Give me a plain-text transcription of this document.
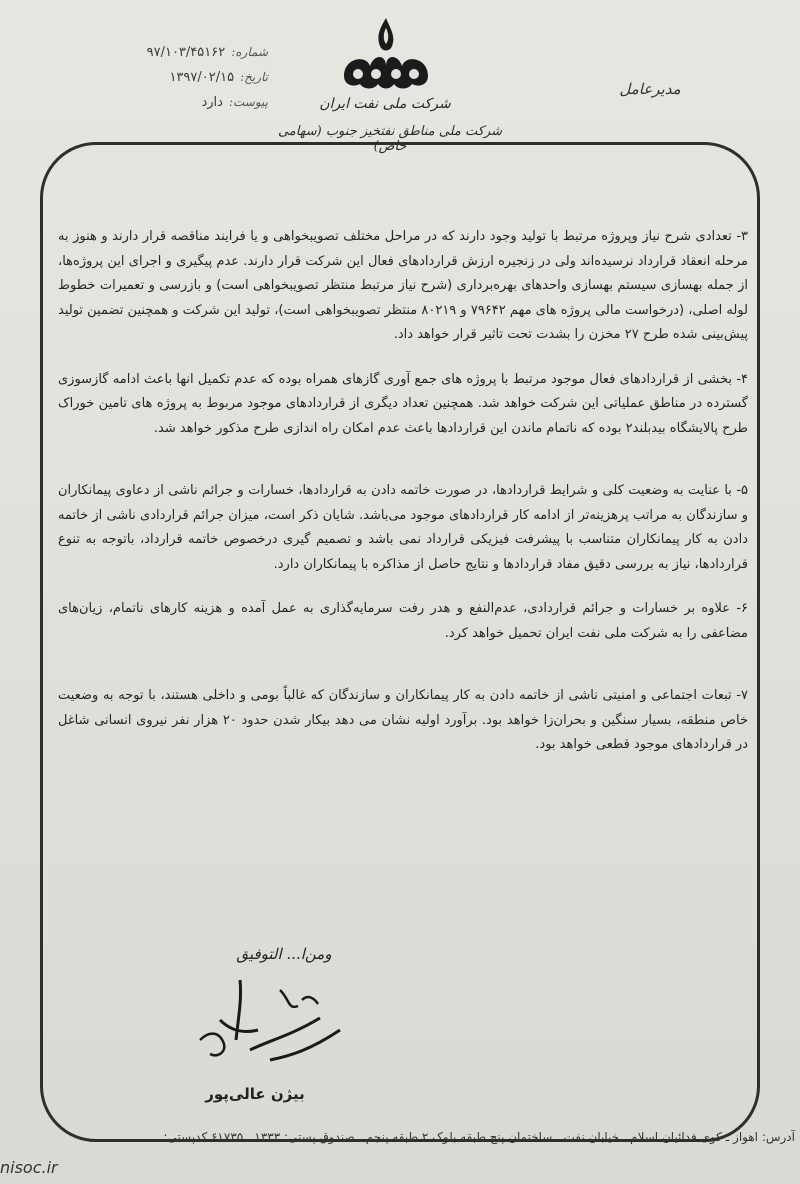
شماره:
۹۷/۱۰۳/۴۵۱۶۲
تاریخ:
۱۳۹۷/۰۲/۱۵
پیوست:
دارد	شرکت ملی نفت ایران
شرکت ملی مناطق نفتخیز جنوب (سهامی خاص)
مدیرعامل

۳- تعدادی شرح نیاز وپروژه مرتبط با تولید وجود دارند که در مراحل مختلف تصویبخواهی و یا فرایند مناقصه قرار دارند و هنوز به مرحله انعقاد قرارداد نرسیده‌اند ولی در زنجیره ارزش قراردادهای فعال این شرکت قرار دارند. عدم پیگیری و اجرای این پروژه‌ها، از جمله بهسازی سیستم بهسازی واحدهای بهره‌برداری (شرح نیاز مرتبط منتظر تصویبخواهی است) و بازرسی و تعمیرات خطوط لوله اصلی، (درخواست مالی پروژه های مهم ۷۹۶۴۲ و ۸۰۲۱۹ منتظر تصویبخواهی است)، تولید این شرکت و همچنین تضمین تولید پیش‌بینی شده طرح ۲۷ مخزن را بشدت تحت تاثیر قرار خواهد داد.

۴- بخشی از قراردادهای فعال موجود مرتبط با پروژه های جمع آوری گازهای همراه بوده که عدم تکمیل انها باعث ادامه گازسوزی گسترده در مناطق عملیاتی این شرکت خواهد شد. همچنین تعداد دیگری از قراردادهای موجود مربوط به پروژه های تامین خوراک طرح پالایشگاه بیدبلند۲ بوده که ناتمام ماندن این قراردادها باعث عدم امکان راه اندازی طرح مذکور خواهد شد.

۵- با عنایت به وضعیت کلی و شرایط قراردادها، در صورت خاتمه دادن به قراردادها، خسارات و جرائم ناشی از دعاوی پیمانکاران و سازندگان به مراتب پرهزینه‌تر از ادامه کار قراردادهای موجود می‌باشد. شایان ذکر است، میزان جرائم قراردادی ناشی از خاتمه دادن به کار پیمانکاران متناسب با پیشرفت فیزیکی قرارداد نمی باشد و تصمیم گیری درخصوص خاتمه قرارداد، باتوجه به تنوع قراردادها، نیاز به بررسی دقیق مفاد قراردادها و نتایج حاصل از مذاکره با پیمانکاران دارد.

۶- علاوه بر خسارات و جرائم قراردادی، عدم‌النفع و هدر رفت سرمایه‌گذاری به عمل آمده و هزینه کارهای ناتمام، زیان‌های مضاعفی را به شرکت ملی نفت ایران تحمیل خواهد کرد.

۷- تبعات اجتماعی و امنیتی ناشی از خاتمه دادن به کار پیمانکاران و سازندگان که غالباً بومی و داخلی هستند، با توجه به وضعیت خاص منطقه، بسیار سنگین و بحران‌زا خواهد بود. برآورد اولیه نشان می دهد بیکار شدن حدود ۲۰ هزار نفر نیروی انسانی شاغل در قراردادهای موجود قطعی خواهد بود.

ومن‌ا... التوفیق
بیژن عالی‌پور
آدرس: اهواز ـ کوی فدائیان اسلام ـ خیابان نفت ـ ساختمان پنج طبقه بلوک ۲ طبقه پنجم ـ صندوق پستی: ۱۳۳۳ ـ ۶۱۷۳۵ کدپستی:
nisoc.ir
